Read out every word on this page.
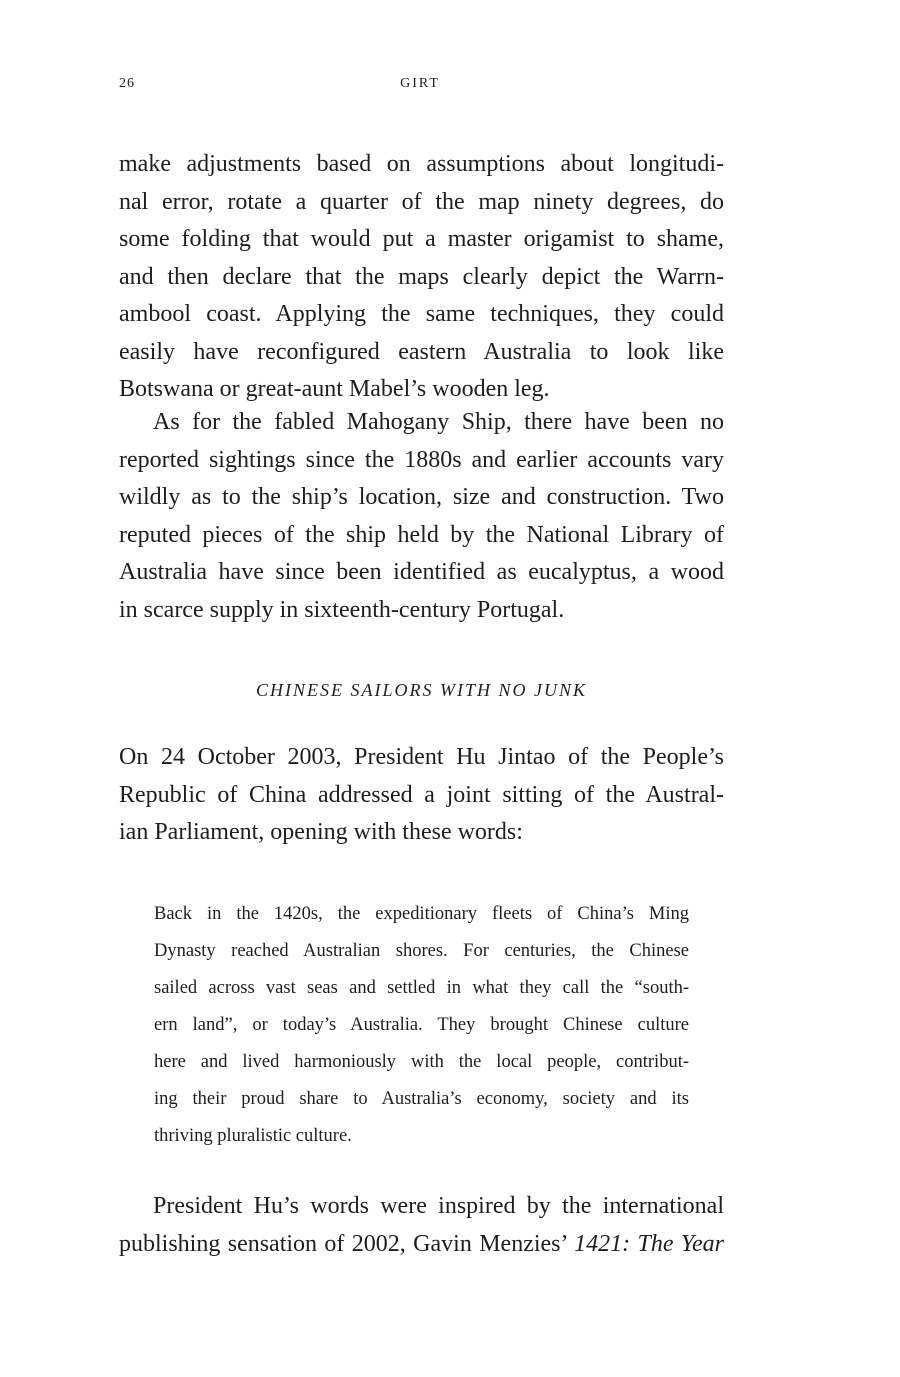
26	GIRT

make adjustments based on assumptions about longitudi-
nal error, rotate a quarter of the map ninety degrees, do
some folding that would put a master origamist to shame,
and then declare that the maps clearly depict the Warrn-
ambool coast. Applying the same techniques, they could
easily have reconfigured eastern Australia to look like
Botswana or great-aunt Mabel’s wooden leg.

As for the fabled Mahogany Ship, there have been no
reported sightings since the 1880s and earlier accounts vary
wildly as to the ship’s location, size and construction. Two
reputed pieces of the ship held by the National Library of
Australia have since been identified as eucalyptus, a wood
in scarce supply in sixteenth-century Portugal.

CHINESE SAILORS WITH NO JUNK

On 24 October 2003, President Hu Jintao of the People’s
Republic of China addressed a joint sitting of the Austral-
ian Parliament, opening with these words:

Back in the 1420s, the expeditionary fleets of China’s Ming
Dynasty reached Australian shores. For centuries, the Chinese
sailed across vast seas and settled in what they call the “south-
ern land”, or today’s Australia. They brought Chinese culture
here and lived harmoniously with the local people, contribut-
ing their proud share to Australia’s economy, society and its
thriving pluralistic culture.

President Hu’s words were inspired by the international
publishing sensation of 2002, Gavin Menzies’ 1421: The Year
